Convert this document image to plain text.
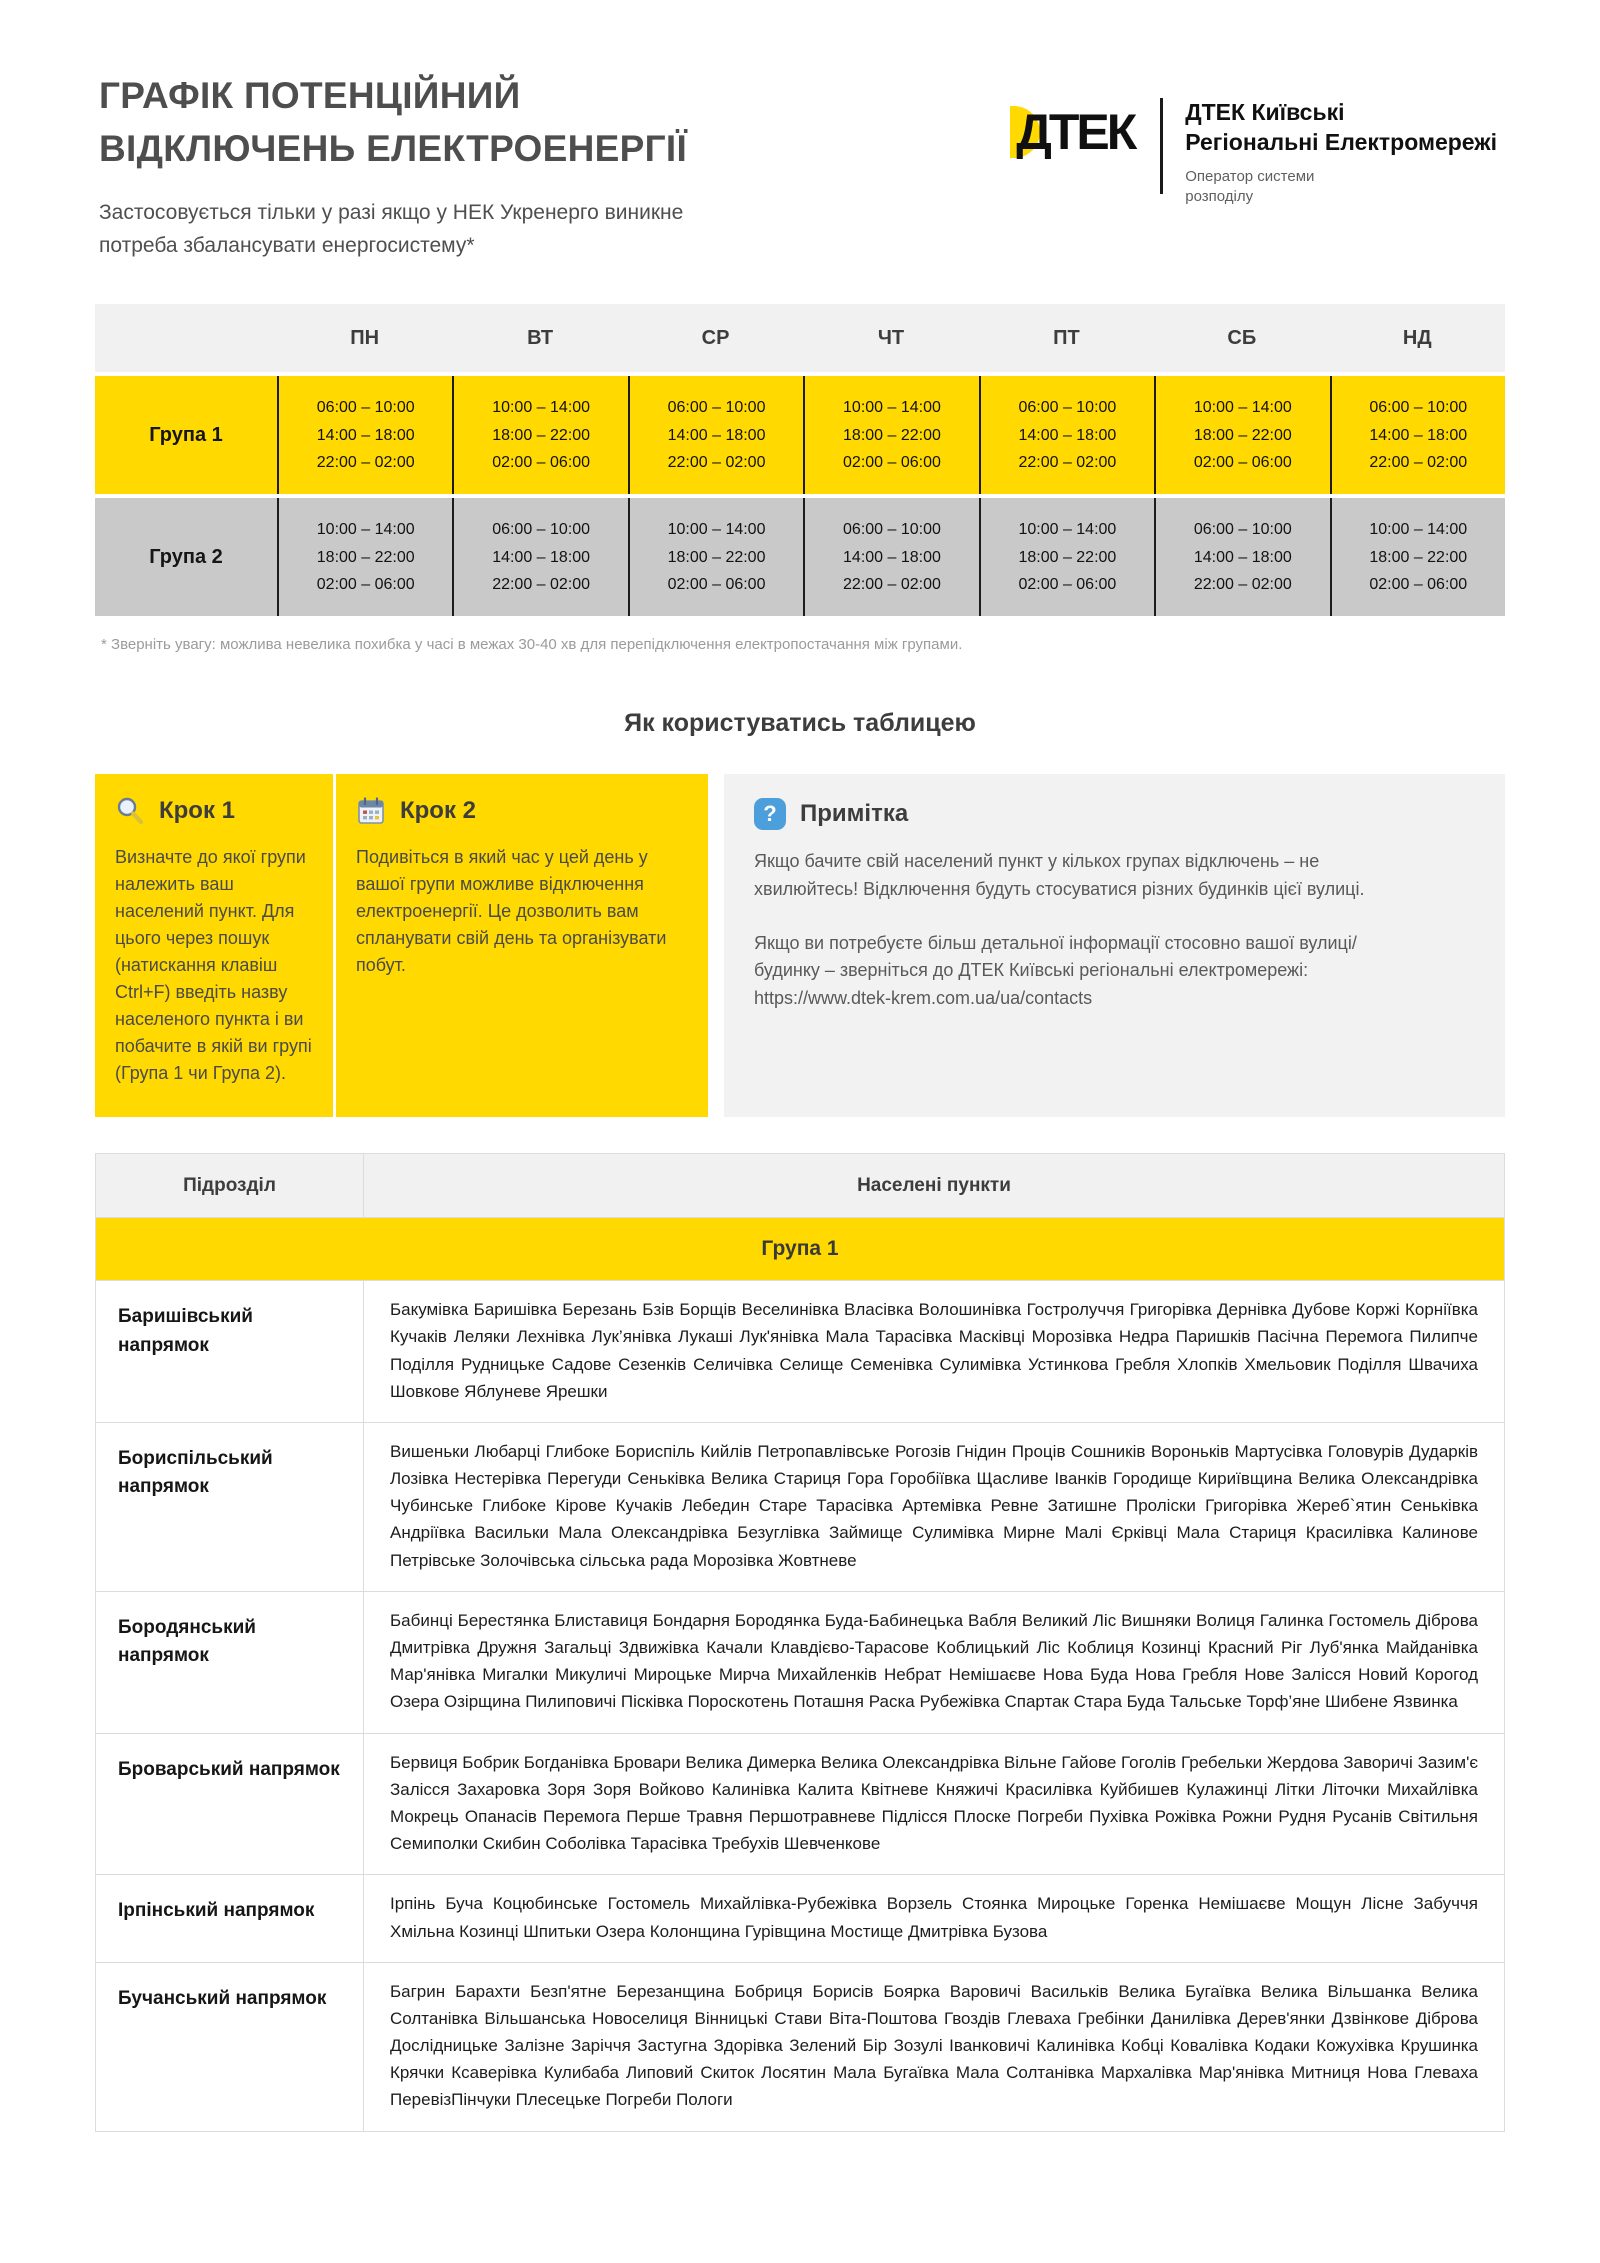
ГРАФІК ПОТЕНЦІЙНИЙ
ВІДКЛЮЧЕНЬ ЕЛЕКТРОЕНЕРГІЇ

Застосовується тільки у разі якщо у НЕК Укренерго виникне потреба збалансувати енергосистему*

ДТЕК ДТЕК Київські
Регіональні Електромережі
Оператор системи
розподілу
	ПН	ВТ	СР	ЧТ	ПТ	СБ	НД
Група 1	
06:00 – 10:00
14:00 – 18:00
22:00 – 02:00

10:00 – 14:00
18:00 – 22:00
02:00 – 06:00

06:00 – 10:00
14:00 – 18:00
22:00 – 02:00

10:00 – 14:00
18:00 – 22:00
02:00 – 06:00

06:00 – 10:00
14:00 – 18:00
22:00 – 02:00

10:00 – 14:00
18:00 – 22:00
02:00 – 06:00

06:00 – 10:00
14:00 – 18:00
22:00 – 02:00

Група 2	
10:00 – 14:00
18:00 – 22:00
02:00 – 06:00

06:00 – 10:00
14:00 – 18:00
22:00 – 02:00

10:00 – 14:00
18:00 – 22:00
02:00 – 06:00

06:00 – 10:00
14:00 – 18:00
22:00 – 02:00

10:00 – 14:00
18:00 – 22:00
02:00 – 06:00

06:00 – 10:00
14:00 – 18:00
22:00 – 02:00

10:00 – 14:00
18:00 – 22:00
02:00 – 06:00

* Зверніть увагу: можлива невелика похибка у часі в межах 30-40 хв для перепідключення електропостачання між групами.

Як користуватись таблицею
Крок 1

Визначте до якої групи належить ваш населений пункт. Для цього через пошук (натискання клавіш Ctrl+F) введіть назву населеного пункта і ви побачите в якій ви групі (Група 1 чи Група 2).

Крок 2

Подивіться в який час у цей день у вашої групи можливе відключення електроенергії. Це дозволить вам спланувати свій день та організувати побут.

? Примітка

Якщо бачите свій населений пункт у кількох групах відключень – не хвилюйтесь! Відключення будуть стосуватися різних будинків цієї вулиці.

Якщо ви потребуєте більш детальної інформації стосовно вашої вулиці/будинку – зверніться до ДТЕК Київські регіональні електромережі:
https://www.dtek-krem.com.ua/ua/contacts

Підрозділ	Населені пункти
Група 1	
Баришівський напрямок	Бакумівка Баришівка Березань Бзів Борщів Веселинівка Власівка Волошинівка Гостролуччя Григорівка Дернівка Дубове Коржі Корніївка Кучаків Леляки Лехнівка Лук’янівка Лукаші Лук'янівка Мала Тарасівка Масківці Морозівка Недра Паришків Пасічна Перемога Пилипче Поділля Рудницьке Садове Сезенків Селичівка Селище Семенівка Сулимівка Устинкова Гребля Хлопків Хмельовик Поділля Швачиха Шовкове Яблуневе Ярешки
Бориспільський напрямок	Вишеньки Любарці Глибоке Бориспіль Кийлів Петропавлівське Рогозів Гнідин Проців Сошників Вороньків Мартусівка Головурів Дударків Лозівка Нестерівка Перегуди Сеньківка Велика Стариця Гора Горобіївка Щасливе Іванків Городище Кириївщина Велика Олександрівка Чубинське Глибоке Кірове Кучаків Лебедин Старе Тарасівка Артемівка Ревне Затишне Проліски Григорівка Жереб`ятин Сеньківка Андріївка Васильки Мала Олександрівка Безуглівка Займище Сулимівка Мирне Малі Єрківці Мала Стариця Красилівка Калинове Петрівське Золочівська сільська рада Морозівка Жовтневе
Бородянський напрямок	Бабинці Берестянка Блиставиця Бондарня Бородянка Буда-Бабинецька Вабля Великий Ліс Вишняки Волиця Галинка Гостомель Діброва Дмитрівка Дружня Загальці Здвижівка Качали Клавдієво-Тарасове Коблицький Ліс Коблиця Козинці Красний Ріг Луб'янка Майданівка Мар'янівка Мигалки Микуличі Мироцьке Мирча Михайленків Небрат Немішаєве Нова Буда Нова Гребля Нове Залісся Новий Корогод Озера Озірщина Пилиповичі Пісківка Пороскотень Поташня Раска Рубежівка Спартак Стара Буда Тальське Торф’яне Шибене Язвинка
Броварський напрямок	Бервиця Бобрик Богданівка Бровари Велика Димерка Велика Олександрівка Вільне Гайове Гоголів Гребельки Жердова Заворичі Зазим'є Залісся Захаровка Зоря Зоря Войково Калинівка Калита Квітневе Княжичі Красилівка Куйбишев Кулажинці Літки Літочки Михайлівка Мокрець Опанасів Перемога Перше Травня Першотравневе Підлісся Плоске Погреби Пухівка Рожівка Рожни Рудня Русанів Світильня Семиполки Скибин Соболівка Тарасівка Требухів Шевченкове
Ірпінський напрямок	Ірпінь Буча Коцюбинське Гостомель Михайлівка-Рубежівка Ворзель Стоянка Мироцьке Горенка Немішаєве Мощун Лісне Забуччя Хмільна Козинці Шпитьки Озера Колонщина Гурівщина Мостище Дмитрівка Бузова
Бучанський напрямок	Багрин Барахти Безп'ятне Березанщина Бобриця Борисів Боярка Варовичі Васильків Велика Бугаївка Велика Вільшанка Велика Солтанівка Вільшанська Новоселиця Вінницькі Стави Віта-Поштова Гвоздів Глеваха Гребінки Данилівка Дерев'янки Дзвінкове Діброва Дослідницьке Залізне Заріччя Застугна Здорівка Зелений Бір Зозулі Іванковичі Калинівка Кобці Ковалівка Кодаки Кожухівка Крушинка Крячки Ксаверівка Кулибаба Липовий Скиток Лосятин Мала Бугаївка Мала Солтанівка Мархалівка Мар'янівка Митниця Нова Глеваха ПеревізПінчуки Плесецьке Погреби Пологи
